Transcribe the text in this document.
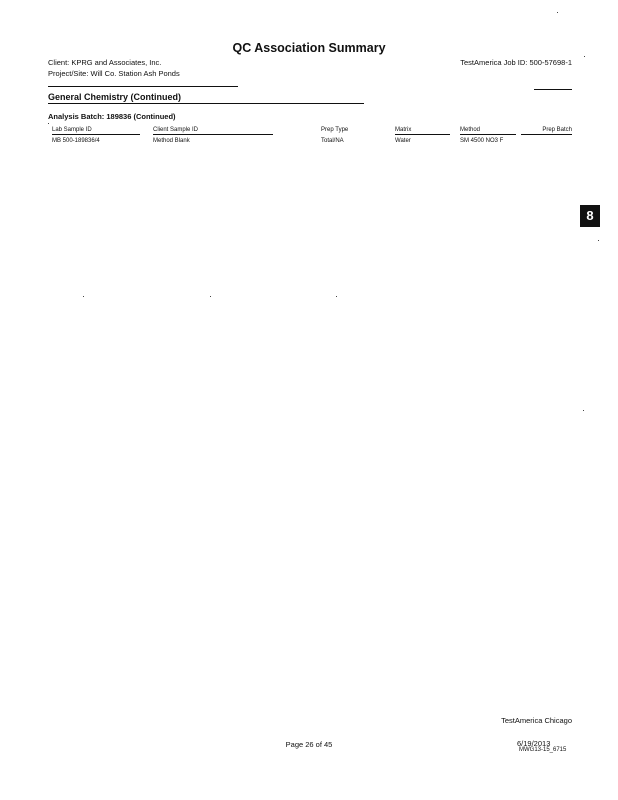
QC Association Summary
Client: KPRG and Associates, Inc.
Project/Site: Will Co. Station Ash Ponds
TestAmerica Job ID: 500-57698-1
General Chemistry (Continued)
Analysis Batch: 189836 (Continued)
Lab Sample ID	Client Sample ID	Prep Type	Matrix	Method	Prep Batch
MB 500-189836/4	Method Blank	Total/NA	Water	SM 4500 NO3 F
8
TestAmerica Chicago
Page 26 of 45	6/19/2013
MWG13-15_6715
